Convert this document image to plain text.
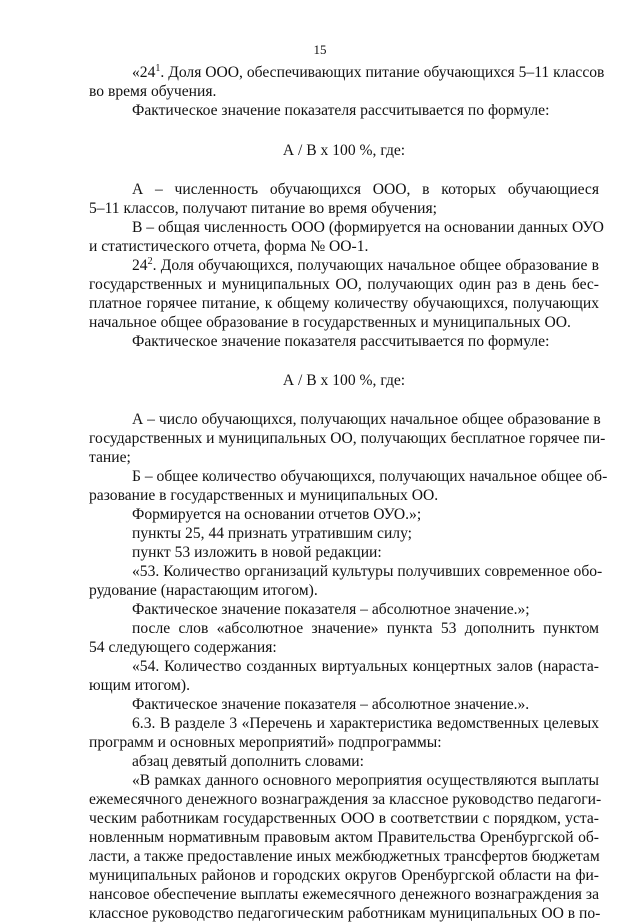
15
«$24^1$. Доля ООО, обеспечивающих питание обучающихся 5–11 классов
во время обучения.
Фактическое значение показателя рассчитывается по формуле:
А / В х 100 %, где:
А – численность обучающихся ООО, в которых обучающиеся
5–11 классов, получают питание во время обучения;
В – общая численность ООО (формируется на основании данных ОУО
и статистического отчета, форма № ОО-1.
$24^2$. Доля обучающихся, получающих начальное общее образование в
государственных и муниципальных ОО, получающих один раз в день бес-
платное горячее питание, к общему количеству обучающихся, получающих
начальное общее образование в государственных и муниципальных ОО.
Фактическое значение показателя рассчитывается по формуле:
А / В х 100 %, где:
А – число обучающихся, получающих начальное общее образование в
государственных и муниципальных ОО, получающих бесплатное горячее пи-
тание;
Б – общее количество обучающихся, получающих начальное общее об-
разование в государственных и муниципальных ОО.
Формируется на основании отчетов ОУО.»;
пункты 25, 44 признать утратившим силу;
пункт 53 изложить в новой редакции:
«53. Количество организаций культуры получивших современное обо-
рудование (нарастающим итогом).
Фактическое значение показателя – абсолютное значение.»;
после слов «абсолютное значение» пункта 53 дополнить пунктом
54 следующего содержания:
«54. Количество созданных виртуальных концертных залов (нараста-
ющим итогом).
Фактическое значение показателя – абсолютное значение.».
6.3. В разделе 3 «Перечень и характеристика ведомственных целевых
программ и основных мероприятий» подпрограммы:
абзац девятый дополнить словами:
«В рамках данного основного мероприятия осуществляются выплаты
ежемесячного денежного вознаграждения за классное руководство педагоги-
ческим работникам государственных ООО в соответствии с порядком, уста-
новленным нормативным правовым актом Правительства Оренбургской об-
ласти, а также предоставление иных межбюджетных трансфертов бюджетам
муниципальных районов и городских округов Оренбургской области на фи-
нансовое обеспечение выплаты ежемесячного денежного вознаграждения за
классное руководство педагогическим работникам муниципальных ОО в по-
